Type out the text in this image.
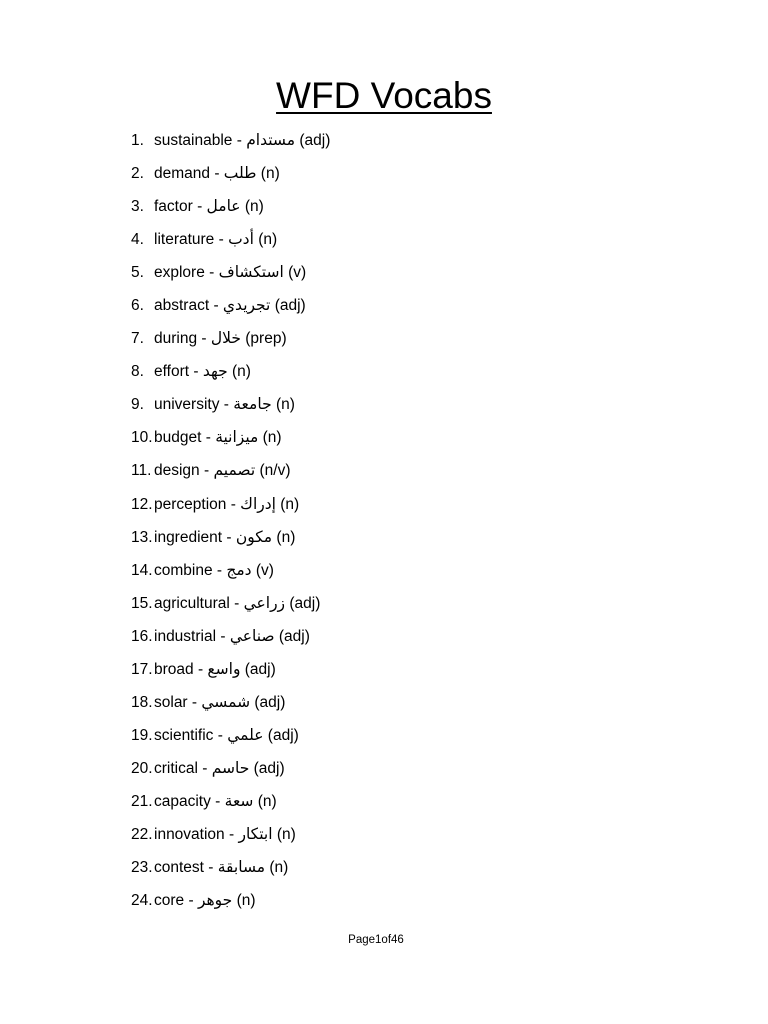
WFD Vocabs
1. sustainable - مستدام (adj)
2. demand - طلب (n)
3. factor - عامل (n)
4. literature - أدب (n)
5. explore - استكشاف (v)
6. abstract - تجريدي (adj)
7. during - خلال (prep)
8. effort - جهد (n)
9. university - جامعة (n)
10. budget - ميزانية (n)
11. design - تصميم (n/v)
12. perception - إدراك (n)
13. ingredient - مكون (n)
14. combine - دمج (v)
15. agricultural - زراعي (adj)
16. industrial - صناعي (adj)
17. broad - واسع (adj)
18. solar - شمسي (adj)
19. scientific - علمي (adj)
20. critical - حاسم (adj)
21. capacity - سعة (n)
22. innovation - ابتكار (n)
23. contest - مسابقة (n)
24. core - جوهر (n)
Page1of46
